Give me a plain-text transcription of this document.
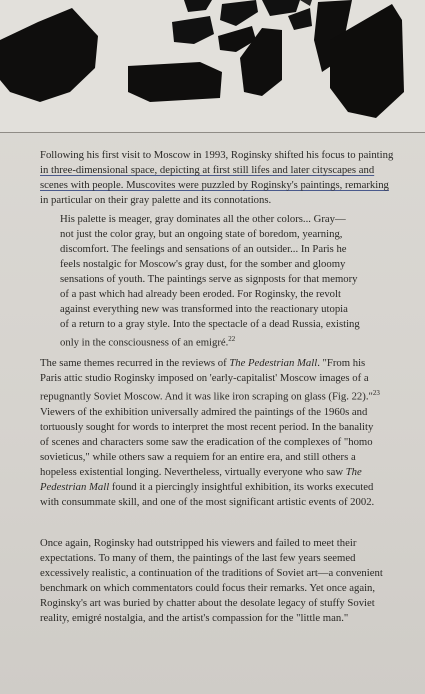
Following his first visit to Moscow in 1993, Roginsky shifted his focus to painting

in three-dimensional space, depicting at first still lifes and later cityscapes and

scenes with people. Muscovites were puzzled by Roginsky's paintings, remarking

in particular on their gray palette and its connotations.

His palette is meager, gray dominates all the other colors... Gray—

not just the color gray, but an ongoing state of boredom, yearning,

discomfort. The feelings and sensations of an outsider... In Paris he

feels nostalgic for Moscow's gray dust, for the somber and gloomy

sensations of youth. The paintings serve as signposts for that memory

of a past which had already been eroded. For Roginsky, the revolt

against everything new was transformed into the reactionary utopia

of a return to a gray style. Into the spectacle of a dead Russia, existing

only in the consciousness of an emigré.$^{22}$

The same themes recurred in the reviews of The Pedestrian Mall. "From his

Paris attic studio Roginsky imposed on 'early-capitalist' Moscow images of a

repugnantly Soviet Moscow. And it was like iron scraping on glass (Fig. 22)."$^{23}$

Viewers of the exhibition universally admired the paintings of the 1960s and

tortuously sought for words to interpret the most recent period. In the banality

of scenes and characters some saw the eradication of the complexes of "homo

sovieticus," while others saw a requiem for an entire era, and still others a

hopeless existential longing. Nevertheless, virtually everyone who saw The

Pedestrian Mall found it a piercingly insightful exhibition, its works executed

with consummate skill, and one of the most significant artistic events of 2002.

Once again, Roginsky had outstripped his viewers and failed to meet their

expectations. To many of them, the paintings of the last few years seemed

excessively realistic, a continuation of the traditions of Soviet art—a convenient

benchmark on which commentators could focus their remarks. Yet once again,

Roginsky's art was buried by chatter about the desolate legacy of stuffy Soviet

reality, emigré nostalgia, and the artist's compassion for the "little man."
